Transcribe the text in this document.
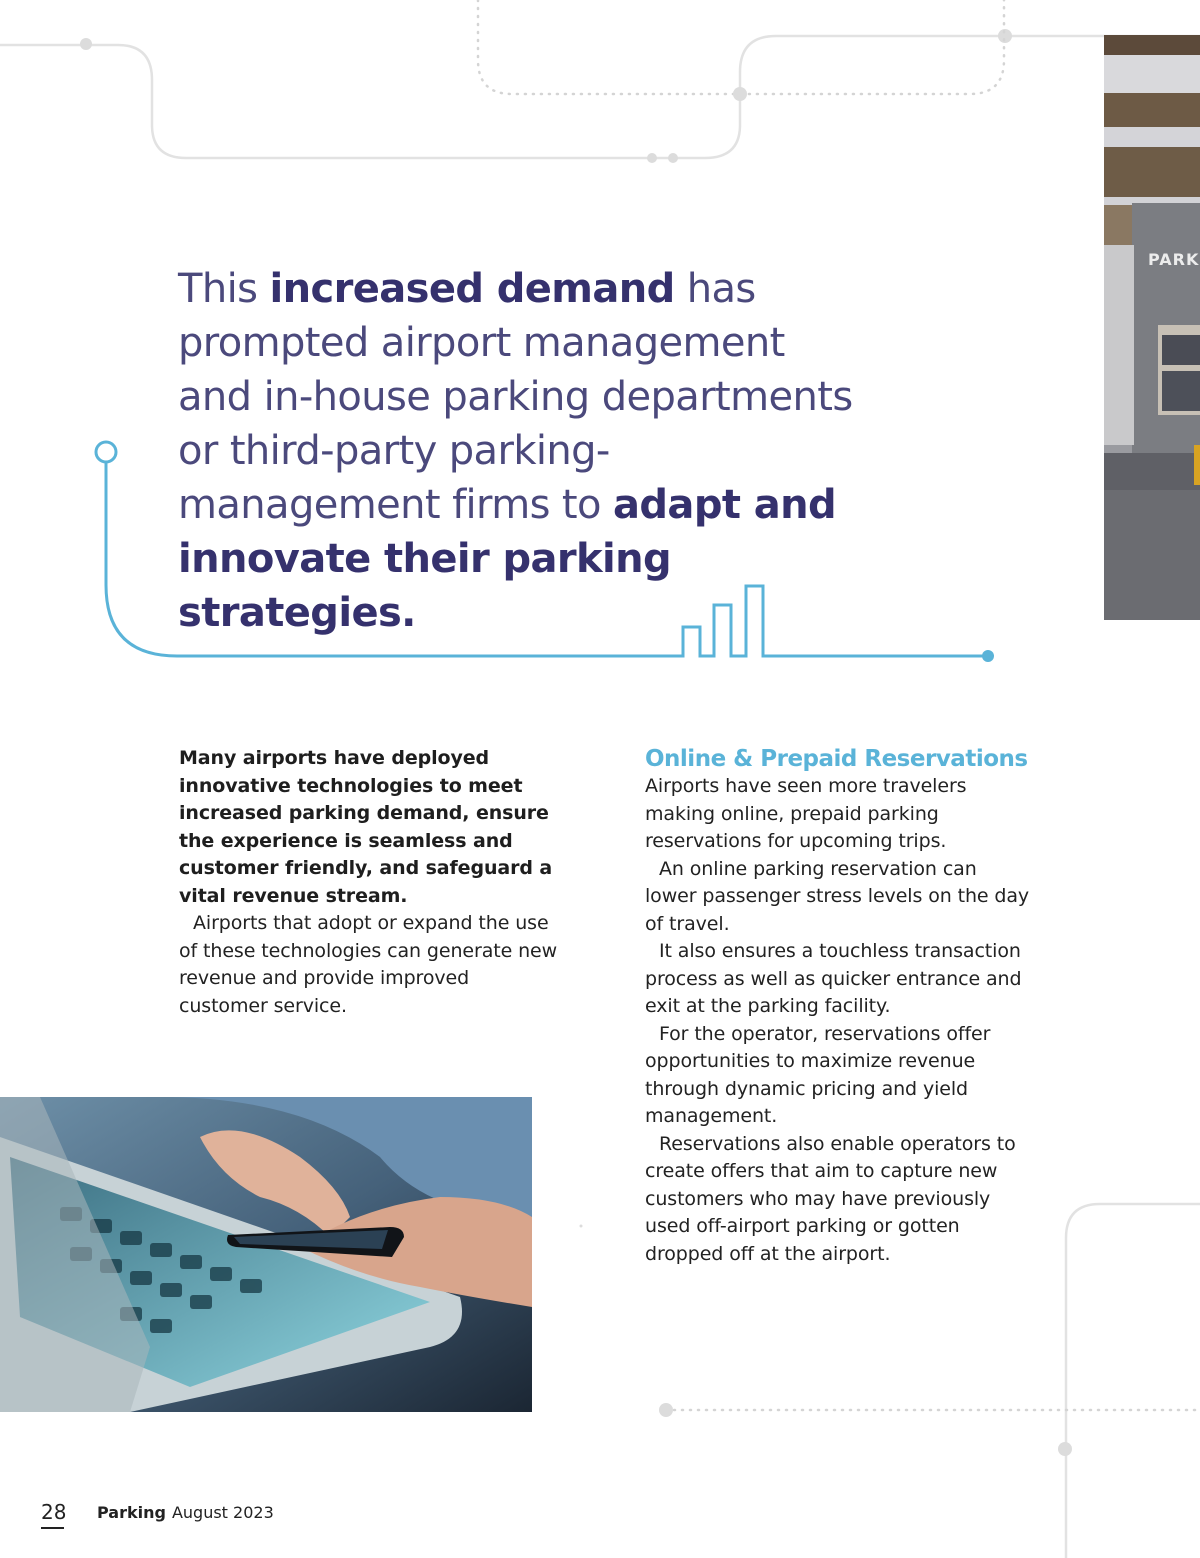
PARK
This increased demand has prompted airport management and in-house parking departments or third-party parking-management firms to adapt and innovate their parking strategies.

Many airports have deployed innovative technologies to meet increased parking demand, ensure the experience is seamless and customer friendly, and safeguard a vital revenue stream.

Airports that adopt or expand the use of these technologies can generate new revenue and provide improved customer service.

Online & Prepaid Reservations

Airports have seen more travelers making online, prepaid parking reservations for upcoming trips.

An online parking reservation can lower passenger stress levels on the day of travel.

It also ensures a touchless transaction process as well as quicker entrance and exit at the parking facility.

For the operator, reservations offer opportunities to maximize revenue through dynamic pricing and yield management.

Reservations also enable operators to create offers that aim to capture new customers who may have previously used off-airport parking or gotten dropped off at the airport.

28 Parking August 2023
